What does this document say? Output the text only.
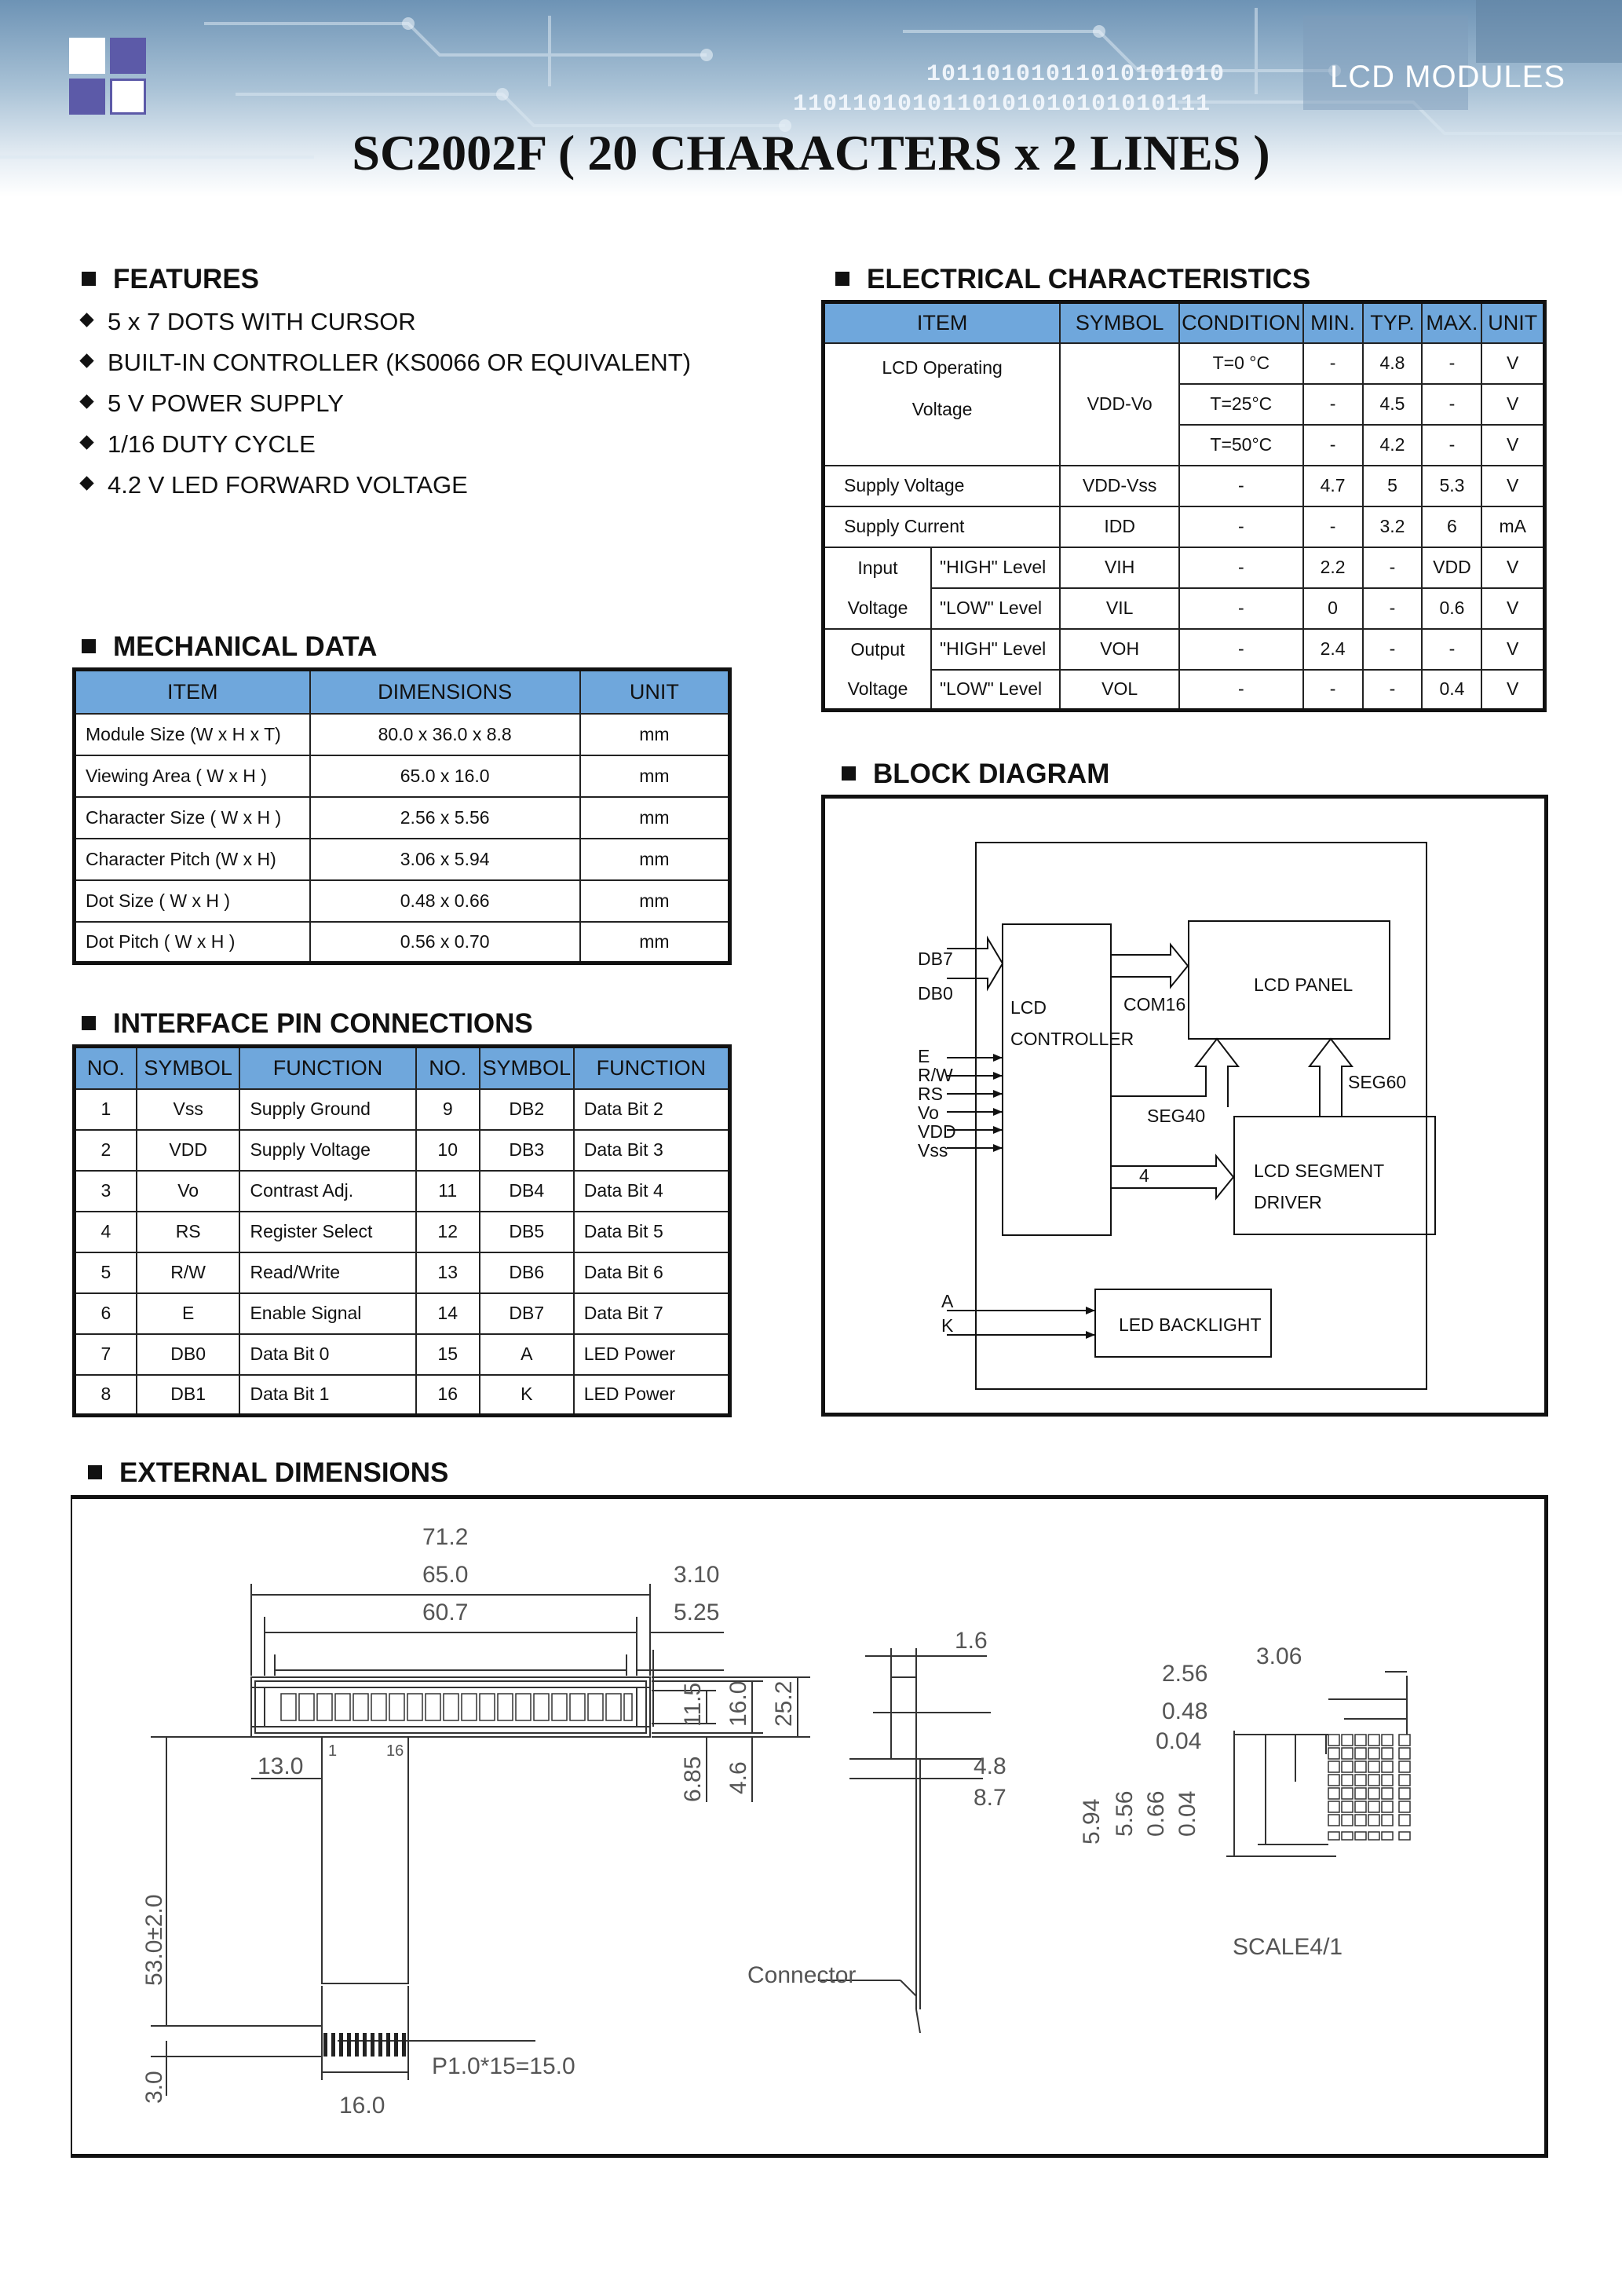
10110101011010101010
1101101010110101010101010111
LCD MODULES
SC2002F ( 20 CHARACTERS x 2 LINES )
FEATURES
5 x 7 DOTS WITH CURSOR
BUILT-IN CONTROLLER (KS0066 OR EQUIVALENT)
5 V POWER SUPPLY
1/16 DUTY CYCLE
4.2 V LED FORWARD VOLTAGE
MECHANICAL DATA
ITEM	DIMENSIONS	UNIT
Module Size (W x H x T)	80.0 x 36.0 x 8.8	mm
Viewing Area ( W x H )	65.0 x 16.0	mm
Character Size ( W x H )	2.56 x 5.56	mm
Character Pitch (W x H)	3.06 x 5.94	mm
Dot Size ( W x H )	0.48 x 0.66	mm
Dot Pitch ( W x H )	0.56 x 0.70	mm
INTERFACE PIN CONNECTIONS
NO.	SYMBOL	FUNCTION	NO.	SYMBOL	FUNCTION
1	Vss	Supply Ground	9	DB2	Data Bit 2
2	VDD	Supply Voltage	10	DB3	Data Bit 3
3	Vo	Contrast Adj.	11	DB4	Data Bit 4
4	RS	Register Select	12	DB5	Data Bit 5
5	R/W	Read/Write	13	DB6	Data Bit 6
6	E	Enable Signal	14	DB7	Data Bit 7
7	DB0	Data Bit 0	15	A	LED Power
8	DB1	Data Bit 1	16	K	LED Power
ELECTRICAL CHARACTERISTICS
ITEM		SYMBOL	CONDITION	MIN.	TYP.	MAX.	UNIT

LCD Operating
Voltage		VDD-Vo	T=0 °C	-	4.8	-	V
			T=25°C	-	4.5	-	V
			T=50°C	-	4.2	-	V
Supply Voltage		VDD-Vss	-	4.7	5	5.3	V
Supply Current		IDD	-	-	3.2	6	mA
Input	"HIGH" Level	VIH	-	2.2	-	VDD	V
Voltage	"LOW" Level	VIL	-	0	-	0.6	V
Output	"HIGH" Level	VOH	-	2.4	-	-	V
Voltage	"LOW" Level	VOL	-	-	-	0.4	V
BLOCK DIAGRAM
DB7
DB0
E
R/W
RS
Vo
VDD
Vss
A
K
LCD
CONTROLLER
LCD PANEL
LCD SEGMENT
DRIVER
LED BACKLIGHT
COM16
SEG40
SEG60
4
EXTERNAL DIMENSIONS
71.2
65.0
60.7
3.10
5.25
11.5 16.0 25.2
6.85 4.6
13.0
53.0±2.0
3.0
16.0
P1.0*15=15.0
1	16
1.6
4.8
8.7
Connector
2.56
3.06
0.48
0.04
5.94 5.56 0.66 0.04
SCALE4/1
